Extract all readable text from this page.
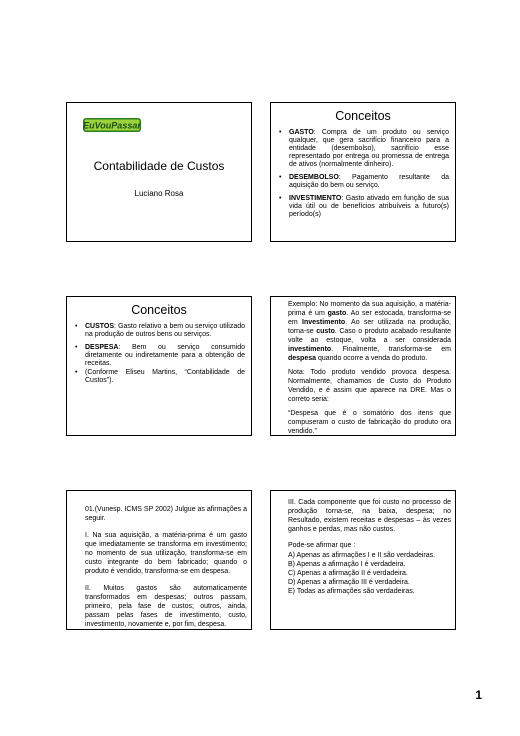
EuVouPassar
Contabilidade de Custos
Luciano Rosa
Conceitos
• GASTO: Compra de um produto ou serviço qualquer, que gera sacrifício financeiro para a entidade (desembolso), sacrifício esse representado por entrega ou promessa de entrega de ativos (normalmente dinheiro).
• DESEMBOLSO: Pagamento resultante da aquisição do bem ou serviço.
• INVESTIMENTO: Gasto ativado em função de sua vida útil ou de benefícios atribuíveis a futuro(s) período(s)
Conceitos
• CUSTOS: Gasto relativo a bem ou serviço utilizado na produção de outros bens ou serviços.
• DESPESA: Bem ou serviço consumido diretamente ou indiretamente para a obtenção de receitas.
• (Conforme Eliseu Martins, “Contabilidade de Custos”).

Exemplo: No momento da sua aquisição, a matéria-prima é um gasto. Ao ser estocada, transforma-se em Investimento. Ao ser utilizada na produção, torna-se custo. Caso o produto acabado resultante volte ao estoque, volta a ser considerada investimento. Finalmente, transforma-se em despesa quando ocorre a venda do produto.

Nota: Todo produto vendido provoca despesa. Normalmente, chamamos de Custo do Produto Vendido, e é assim que aparece na DRE. Mas o correto seria:

“Despesa que é o somatório dos itens que compuseram o custo de fabricação do produto ora vendido.”

01.(Vunesp. ICMS SP 2002) Julgue as afirmações a seguir.

I. Na sua aquisição, a matéria-prima é um gasto que imediatamente se transforma em investimento; no momento de sua utilização, transforma-se em custo integrante do bem fabricado; quando o produto é vendido, transforma-se em despesa.

II. Muitos gastos são automaticamente transformados em despesas; outros passam, primeiro, pela fase de custos; outros, ainda, passam pelas fases de investimento, custo, investimento, novamente e, por fim, despesa.

III. Cada componente que foi custo no processo de produção torna-se, na baixa, despesa; no Resultado, existem receitas e despesas – às vezes ganhos e perdas, mas não custos.

Pode-se afirmar que :

A) Apenas as afirmações I e II são verdadeiras.
B) Apenas a afirmação I é verdadeira.
C) Apenas a afirmação II é verdadeira.
D) Apenas a afirmação III é verdadeira.
E) Todas as afirmações são verdadeiras.
1
